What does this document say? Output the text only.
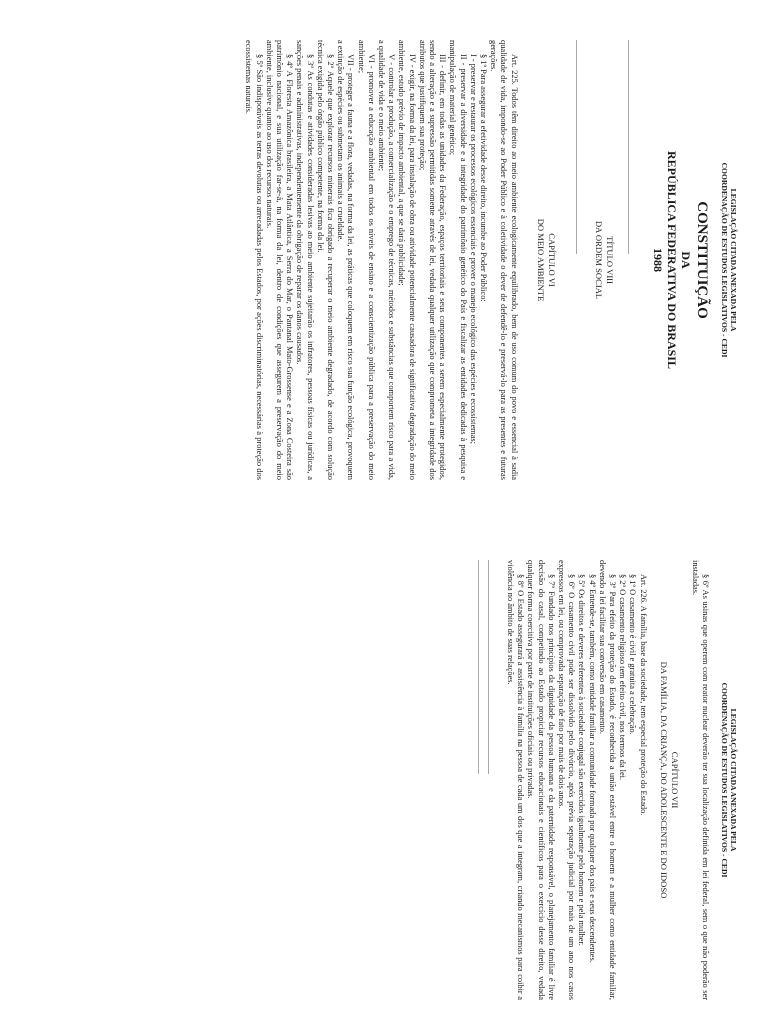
LEGISLAÇÃO CITADA ANEXADA PELA
COORDENAÇÃO DE ESTUDOS LEGISLATIVOS - CEDI
CONSTITUIÇÃO
DA
REPÚBLICA FEDERATIVA DO BRASIL
1988
...........................................................................................................
TÍTULO VIII
DA ORDEM SOCIAL
...........................................................................................................
CAPÍTULO VI
DO MEIO AMBIENTE

Art. 225. Todos têm direito ao meio ambiente ecologicamente equilibrado, bem de uso comum do povo e essencial à sadia qualidade de vida, impondo-se ao Poder Público e à coletividade o dever de defendê-lo e preservá-lo para as presentes e futuras gerações.

§ 1º Para assegurar a efetividade desse direito, incumbe ao Poder Público:

I - preservar e restaurar os processos ecológicos essenciais e prover o manejo ecológico das espécies e ecossistemas;

II - preservar a diversidade e a integridade do patrimônio genético do País e fiscalizar as entidades dedicadas à pesquisa e manipulação de material genético;

III - definir, em todas as unidades da Federação, espaços territoriais e seus componentes a serem especialmente protegidos, sendo a alteração e a supressão permitidas somente através de lei, vedada qualquer utilização que comprometa a integridade dos atributos que justifiquem sua proteção;

IV - exigir, na forma da lei, para instalação de obra ou atividade potencialmente causadora de significativa degradação do meio ambiente, estudo prévio de impacto ambiental, a que se dará publicidade;

V - controlar a produção, a comercialização e o emprego de técnicas, métodos e substâncias que comportem risco para a vida, a qualidade de vida e o meio ambiente;

VI - promover a educação ambiental em todos os níveis de ensino e a conscientização pública para a preservação do meio ambiente;

VII - proteger a fauna e a flora, vedadas, na forma da lei, as práticas que coloquem em risco sua função ecológica, provoquem a extinção de espécies ou submetam os animais a crueldade.

§ 2º Aquele que explorar recursos minerais fica obrigado a recuperar o meio ambiente degradado, de acordo com solução técnica exigida pelo órgão público competente, na forma da lei.

§ 3º As condutas e atividades consideradas lesivas ao meio ambiente sujeitarão os infratores, pessoas físicas ou jurídicas, a sanções penais e administrativas, independentemente da obrigação de reparar os danos causados.

§ 4º A Floresta Amazônica brasileira, a Mata Atlântica, a Serra do Mar, o Pantanal Mato-Grossense e a Zona Costeira são patrimônio nacional, e sua utilização far-se-á, na forma da lei, dentro de condições que assegurem a preservação do meio ambiente, inclusive quanto ao uso dos recursos naturais.

§ 5º São indisponíveis as terras devolutas ou arrecadadas pelos Estados, por ações discriminatórias, necessárias à proteção dos ecossistemas naturais.

LEGISLAÇÃO CITADA ANEXADA PELA
COORDENAÇÃO DE ESTUDOS LEGISLATIVOS - CEDI

§ 6º As usinas que operem com reator nuclear deverão ter sua localização definida em lei federal, sem o que não poderão ser instaladas.

CAPÍTULO VII
DA FAMÍLIA, DA CRIANÇA, DO ADOLESCENTE E DO IDOSO

Art. 226. A família, base da sociedade, tem especial proteção do Estado.

§ 1º O casamento é civil e gratuita a celebração.

§ 2º O casamento religioso tem efeito civil, nos termos da lei.

§ 3º Para efeito da proteção do Estado, é reconhecida a união estável entre o homem e a mulher como entidade familiar, devendo a lei facilitar sua conversão em casamento.

§ 4º Entende-se, também, como entidade familiar a comunidade formada por qualquer dos pais e seus descendentes.

§ 5º Os direitos e deveres referentes à sociedade conjugal são exercidos igualmente pelo homem e pela mulher.

§ 6º O casamento civil pode ser dissolvido pelo divórcio, após prévia separação judicial por mais de um ano nos casos expressos em lei, ou comprovada separação de fato por mais de dois anos.

§ 7º Fundado nos princípios da dignidade da pessoa humana e da paternidade responsável, o planejamento familiar é livre decisão do casal, competindo ao Estado propiciar recursos educacionais e científicos para o exercício desse direito, vedada qualquer forma coercitiva por parte de instituições oficiais ou privadas.

§ 8º O Estado assegurará a assistência à família na pessoa de cada um dos que a integram, criando mecanismos para coibir a violência no âmbito de suas relações.

...........................................................................................................
...........................................................................................................
